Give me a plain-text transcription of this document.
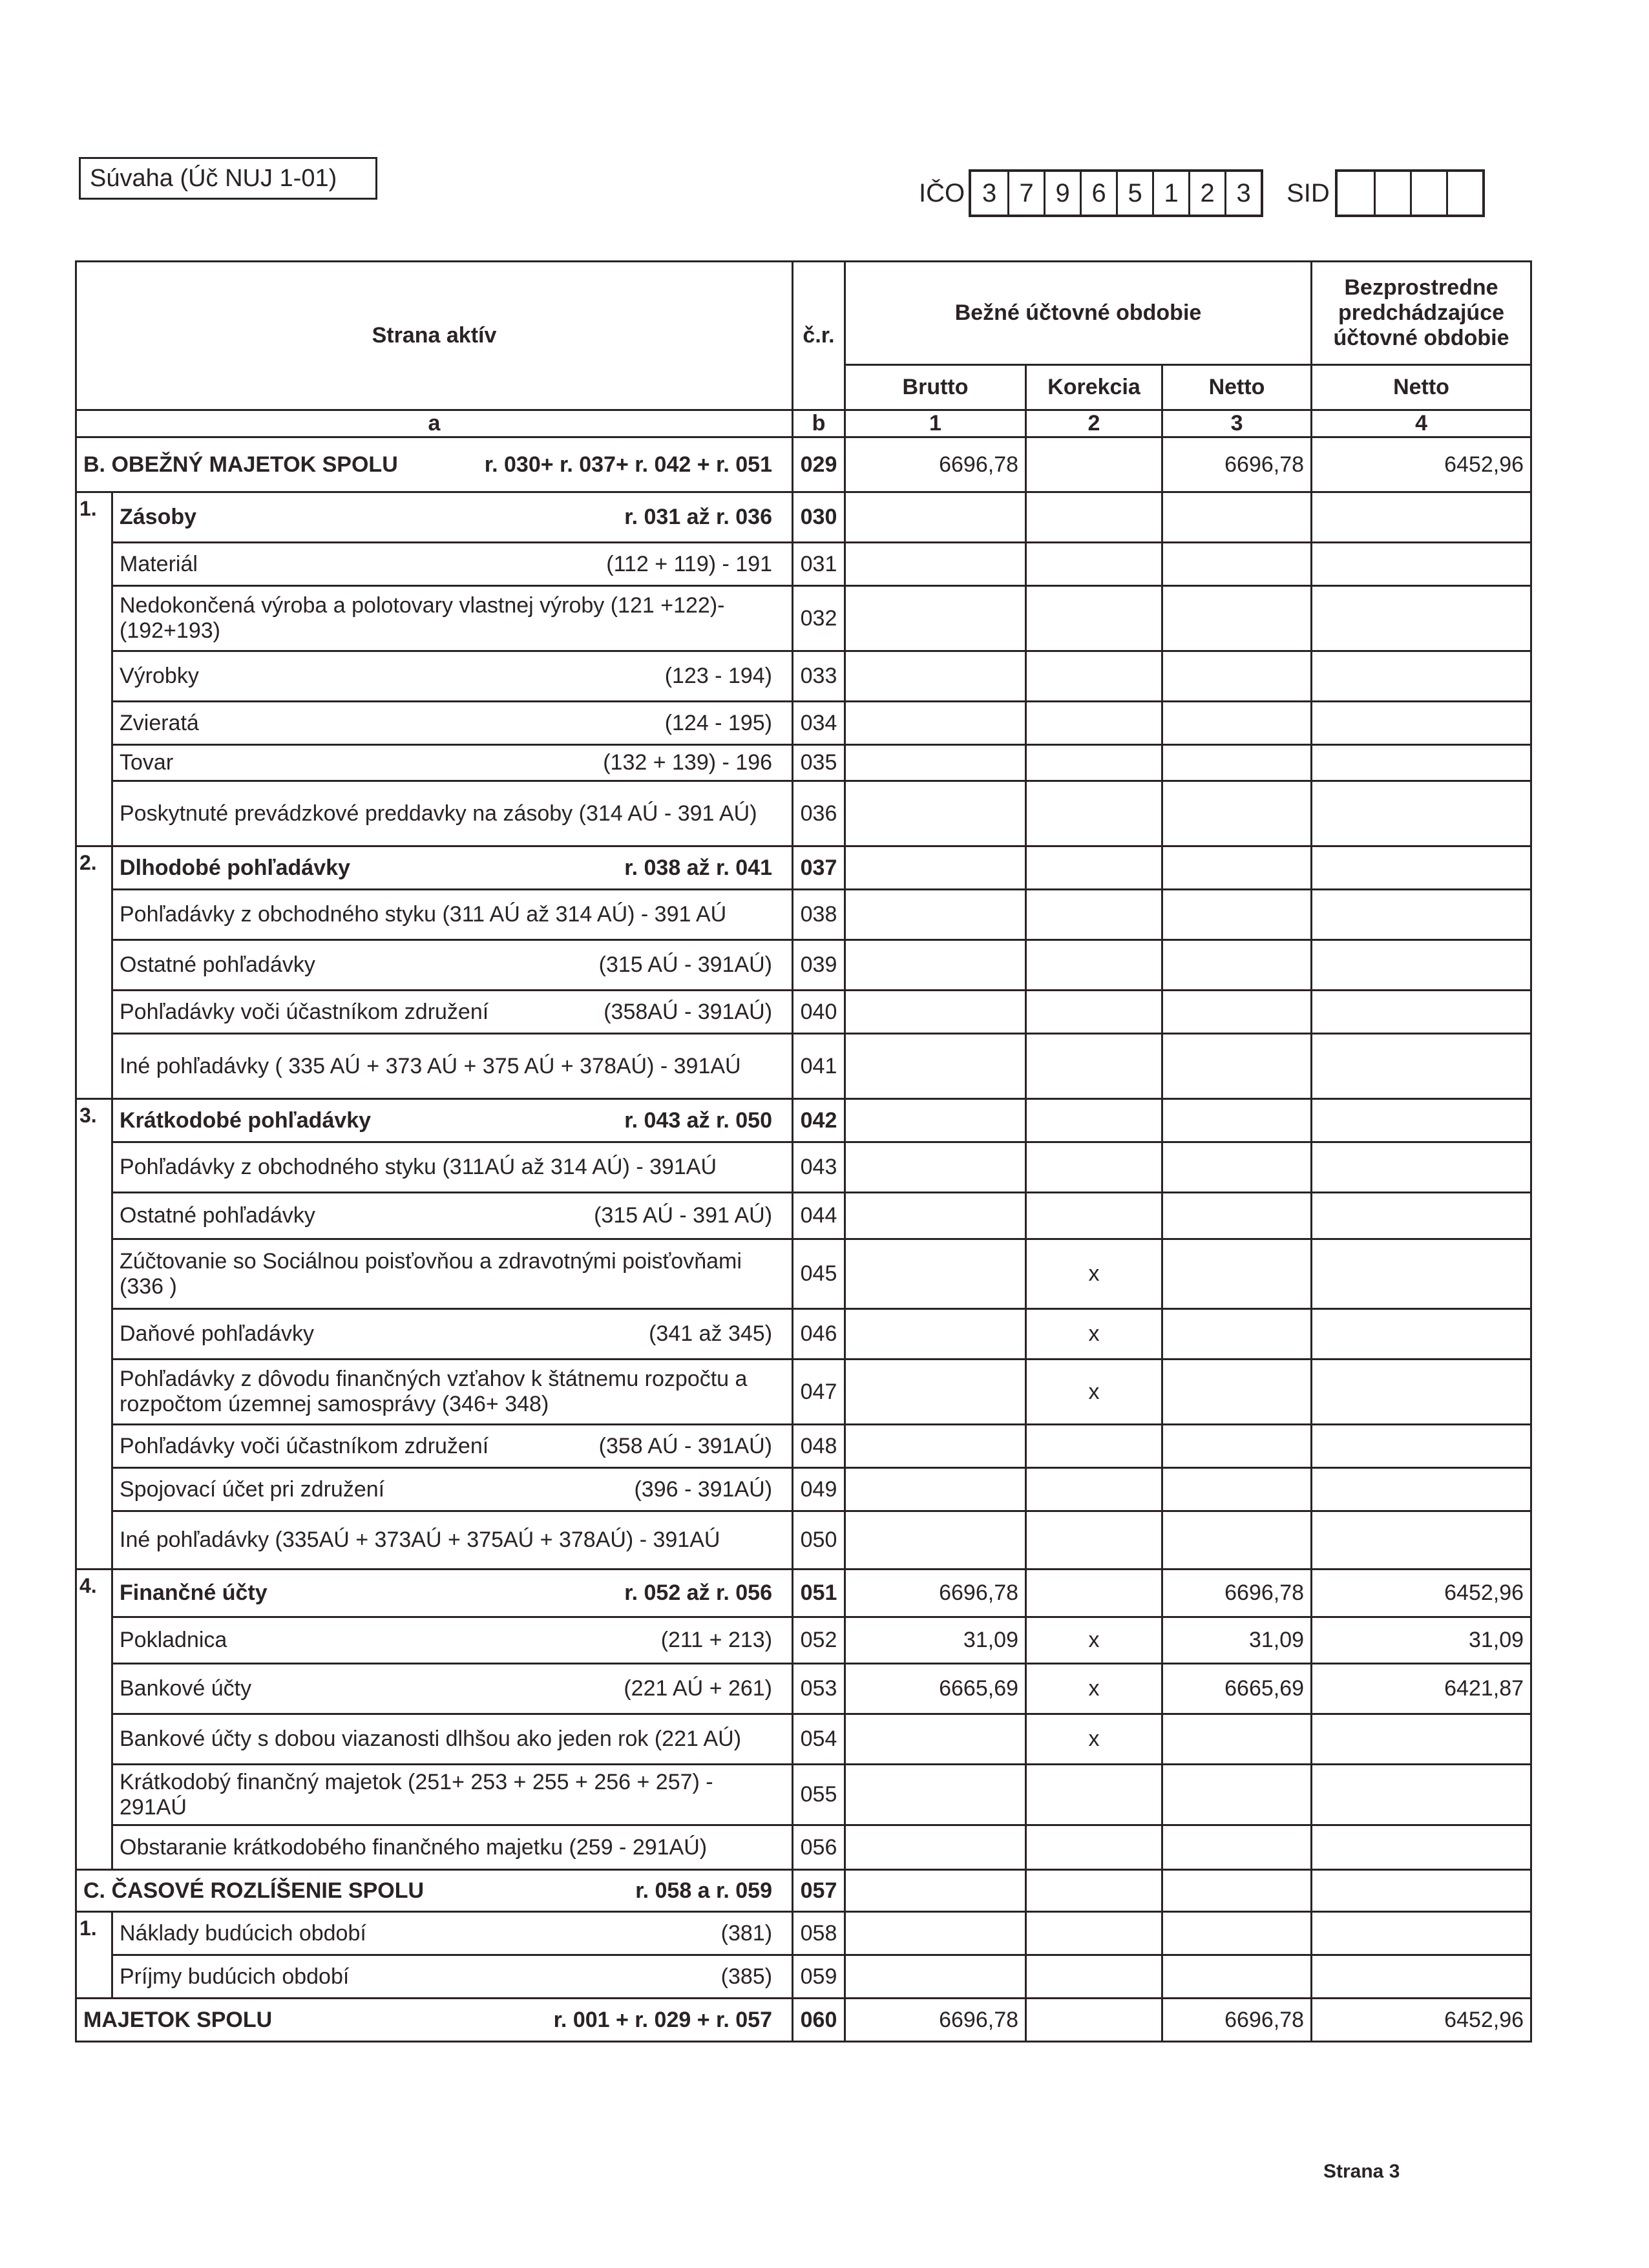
Súvaha (Úč NUJ 1-01)
IČO 3 7 9 6 5 1 2 3	SID
Strana aktív		č.r.	Bežné účtovné obdobie			Bezprostredne predchádzajúce účtovné obdobie
			Brutto	Korekcia	Netto	Netto
a		b	1	2	3	4

B. OBEŽNÝ MAJETOK SPOLU r. 030+ r. 037+ r. 042 + r. 051		029	6696,78		6696,78	6452,96
1.	Zásoby r. 031 až r. 036	030				

	Materiál (112 + 119) - 191	031				

	Nedokončená výroba a polotovary vlastnej výroby (121 +122)-(192+193)	032				

	Výrobky (123 - 194)	033				

	Zvieratá (124 - 195)	034				

	Tovar (132 + 139) - 196	035				

	Poskytnuté prevádzkové preddavky na zásoby (314 AÚ - 391 AÚ)	036				
2.	Dlhodobé pohľadávky r. 038 až r. 041	037				

	Pohľadávky z obchodného styku (311 AÚ až 314 AÚ) - 391 AÚ	038				

	Ostatné pohľadávky (315 AÚ - 391AÚ)	039				

	Pohľadávky voči účastníkom združení (358AÚ - 391AÚ)	040				

	Iné pohľadávky ( 335 AÚ + 373 AÚ + 375 AÚ + 378AÚ) - 391AÚ	041				
3.	Krátkodobé pohľadávky r. 043 až r. 050	042				

	Pohľadávky z obchodného styku (311AÚ až 314 AÚ) - 391AÚ	043				

	Ostatné pohľadávky (315 AÚ - 391 AÚ)	044				

	Zúčtovanie so Sociálnou poisťovňou a zdravotnými poisťovňami (336 )	045		x		

	Daňové pohľadávky (341 až 345)	046		x		

	Pohľadávky z dôvodu finančných vzťahov k štátnemu rozpočtu a rozpočtom územnej samosprávy (346+ 348)	047		x		

	Pohľadávky voči účastníkom združení (358 AÚ - 391AÚ)	048				

	Spojovací účet pri združení (396 - 391AÚ)	049				

	Iné pohľadávky (335AÚ + 373AÚ + 375AÚ + 378AÚ) - 391AÚ	050				
4.	Finančné účty r. 052 až r. 056	051	6696,78		6696,78	6452,96

	Pokladnica (211 + 213)	052	31,09	x	31,09	31,09

	Bankové účty (221 AÚ + 261)	053	6665,69	x	6665,69	6421,87

	Bankové účty s dobou viazanosti dlhšou ako jeden rok (221 AÚ)	054		x		

	Krátkodobý finančný majetok (251+ 253 + 255 + 256 + 257) - 291AÚ	055				

	Obstaranie krátkodobého finančného majetku (259 - 291AÚ)	056				

C. ČASOVÉ ROZLÍŠENIE SPOLU r. 058 a r. 059		057				
1.	Náklady budúcich období (381)	058				

	Príjmy budúcich období (385)	059				

MAJETOK SPOLU r. 001 + r. 029 + r. 057		060	6696,78		6696,78	6452,96
Strana 3
